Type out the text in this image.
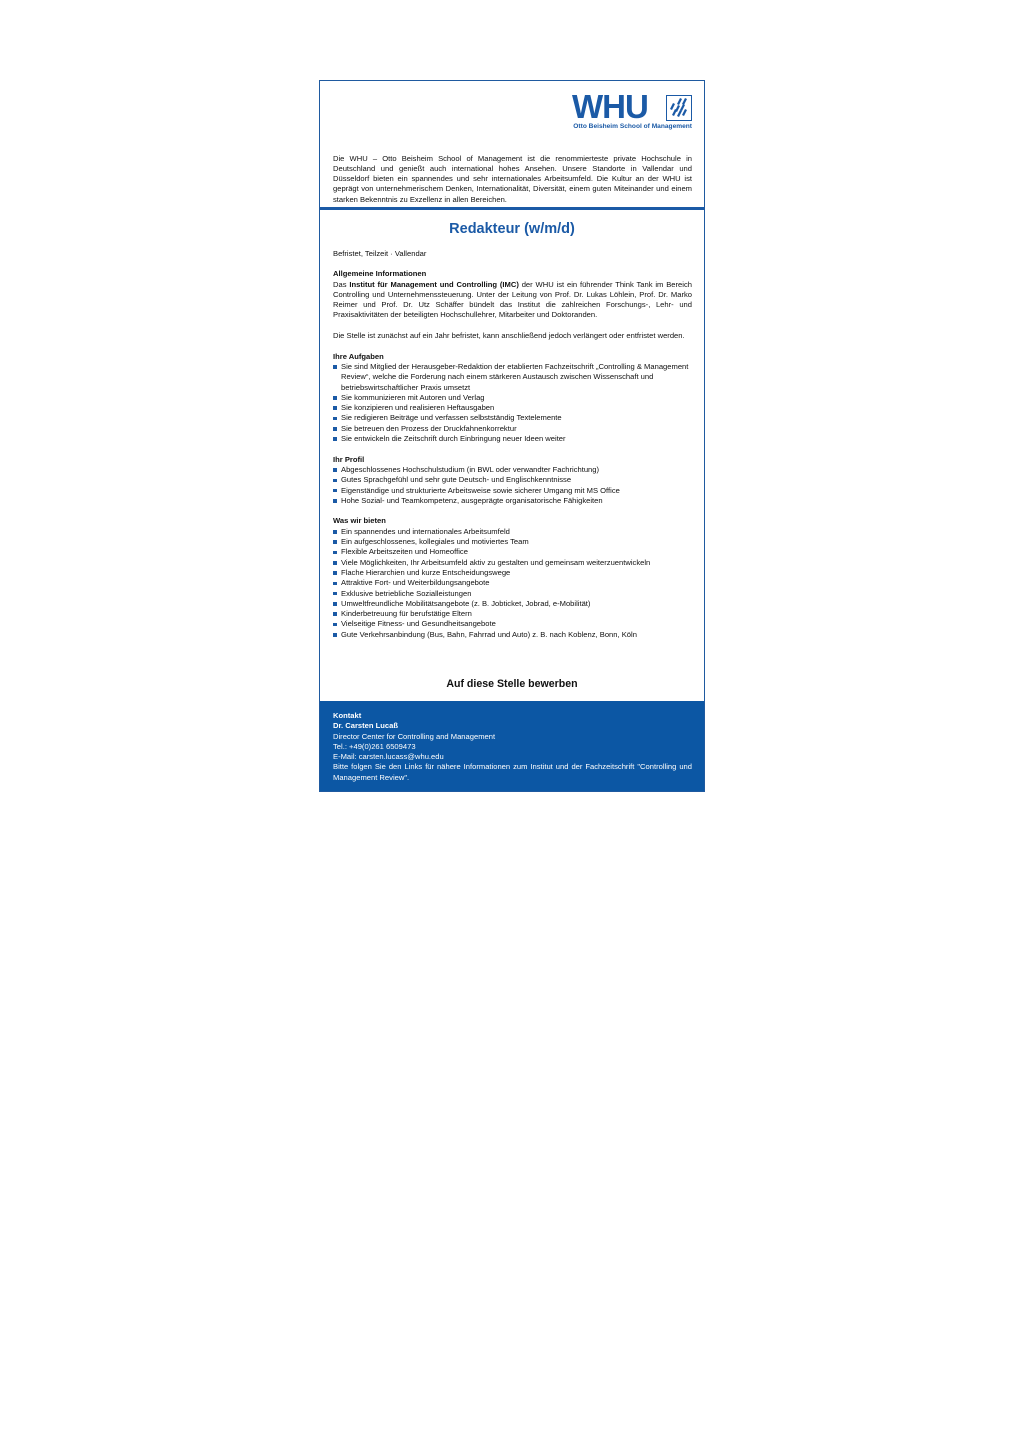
WHU
Otto Beisheim School of Management

Die WHU – Otto Beisheim School of Management ist die renommierteste private Hochschule in Deutschland und genießt auch international hohes Ansehen. Unsere Standorte in Vallendar und Düsseldorf bieten ein spannendes und sehr internationales Arbeitsumfeld. Die Kultur an der WHU ist geprägt von unternehmerischem Denken, Internationalität, Diversität, einem guten Miteinander und einem starken Bekenntnis zu Exzellenz in allen Bereichen.

Redakteur (w/m/d)

Befristet, Teilzeit · Vallendar

Allgemeine Informationen

Das Institut für Management und Controlling (IMC) der WHU ist ein führender Think Tank im Bereich Controlling und Unternehmenssteuerung. Unter der Leitung von Prof. Dr. Lukas Löhlein, Prof. Dr. Marko Reimer und Prof. Dr. Utz Schäffer bündelt das Institut die zahlreichen Forschungs-, Lehr- und Praxisaktivitäten der beteiligten Hochschullehrer, Mitarbeiter und Doktoranden.

Die Stelle ist zunächst auf ein Jahr befristet, kann anschließend jedoch verlängert oder entfristet werden.

Ihre Aufgaben

Sie sind Mitglied der Herausgeber-Redaktion der etablierten Fachzeitschrift „Controlling & Management Review“, welche die Forderung nach einem stärkeren Austausch zwischen Wissenschaft und betriebswirtschaftlicher Praxis umsetzt
Sie kommunizieren mit Autoren und Verlag
Sie konzipieren und realisieren Heftausgaben
Sie redigieren Beiträge und verfassen selbstständig Textelemente
Sie betreuen den Prozess der Druckfahnenkorrektur
Sie entwickeln die Zeitschrift durch Einbringung neuer Ideen weiter

Ihr Profil

Abgeschlossenes Hochschulstudium (in BWL oder verwandter Fachrichtung)
Gutes Sprachgefühl und sehr gute Deutsch- und Englischkenntnisse
Eigenständige und strukturierte Arbeitsweise sowie sicherer Umgang mit MS Office
Hohe Sozial- und Teamkompetenz, ausgeprägte organisatorische Fähigkeiten

Was wir bieten

Ein spannendes und internationales Arbeitsumfeld
Ein aufgeschlossenes, kollegiales und motiviertes Team
Flexible Arbeitszeiten und Homeoffice
Viele Möglichkeiten, Ihr Arbeitsumfeld aktiv zu gestalten und gemeinsam weiterzuentwickeln
Flache Hierarchien und kurze Entscheidungswege
Attraktive Fort- und Weiterbildungsangebote
Exklusive betriebliche Sozialleistungen
Umweltfreundliche Mobilitätsangebote (z. B. Jobticket, Jobrad, e-Mobilität)
Kinderbetreuung für berufstätige Eltern
Vielseitige Fitness- und Gesundheitsangebote
Gute Verkehrsanbindung (Bus, Bahn, Fahrrad und Auto) z. B. nach Koblenz, Bonn, Köln
Auf diese Stelle bewerben

Kontakt

Dr. Carsten Lucaß

Director Center for Controlling and Management

Tel.: +49(0)261 6509473

E-Mail: carsten.lucass@whu.edu

Bitte folgen Sie den Links für nähere Informationen zum Institut und der Fachzeitschrift "Controlling und Management Review".
